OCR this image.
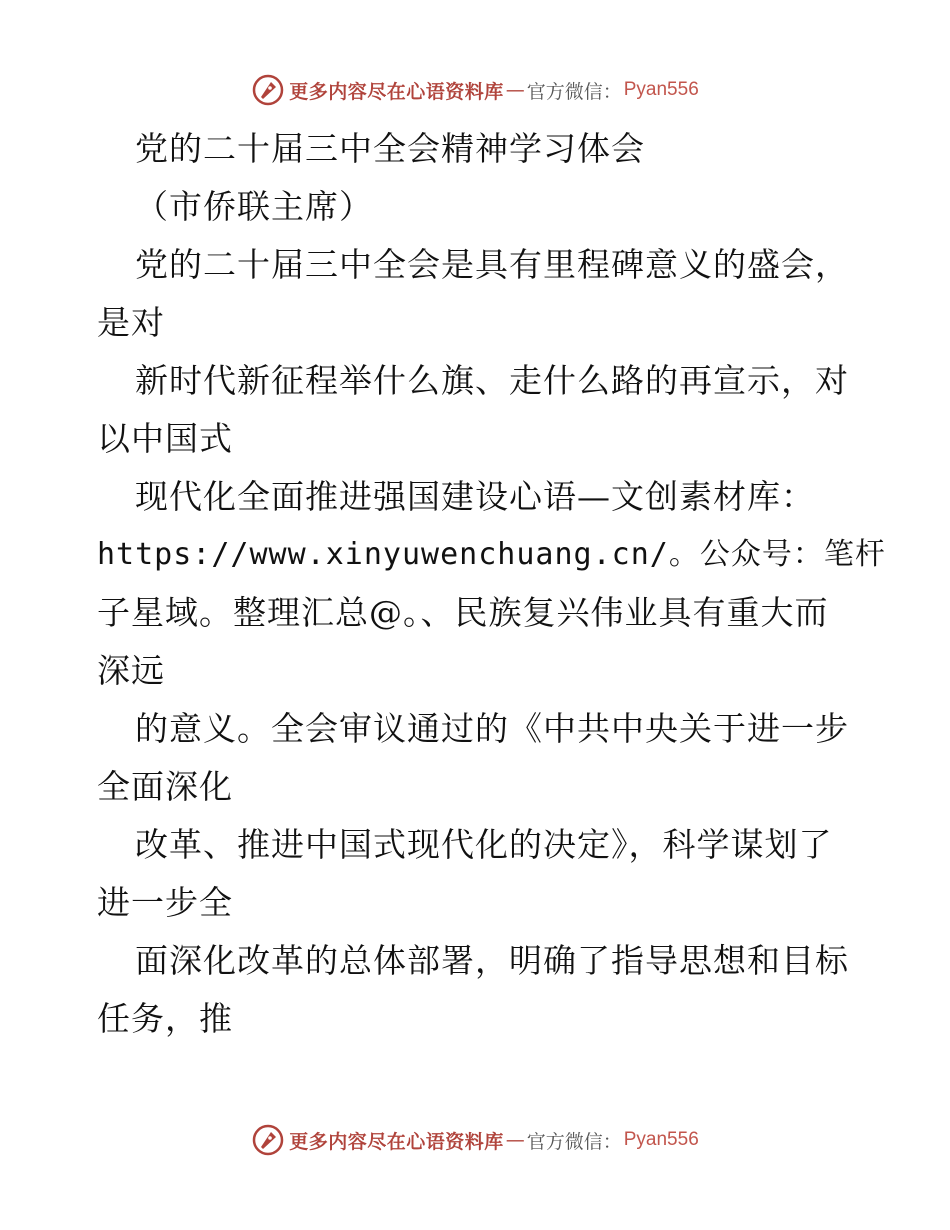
更多内容尽在心语资料库 — 官方微信： Pyan556
党的二十届三中全会精神学习体会
（市侨联主席）
党的二十届三中全会是具有里程碑意义的盛会，
是对
新时代新征程举什么旗、走什么路的再宣示，对
以中国式
现代化全面推进强国建设心语—文创素材库：
https://www.xinyuwenchuang.cn/。公众号：笔杆
子星域。整理汇总@。、民族复兴伟业具有重大而
深远
的意义。全会审议通过的《中共中央关于进一步
全面深化
改革、推进中国式现代化的决定》，科学谋划了
进一步全
面深化改革的总体部署，明确了指导思想和目标
任务，推
更多内容尽在心语资料库 — 官方微信： Pyan556
